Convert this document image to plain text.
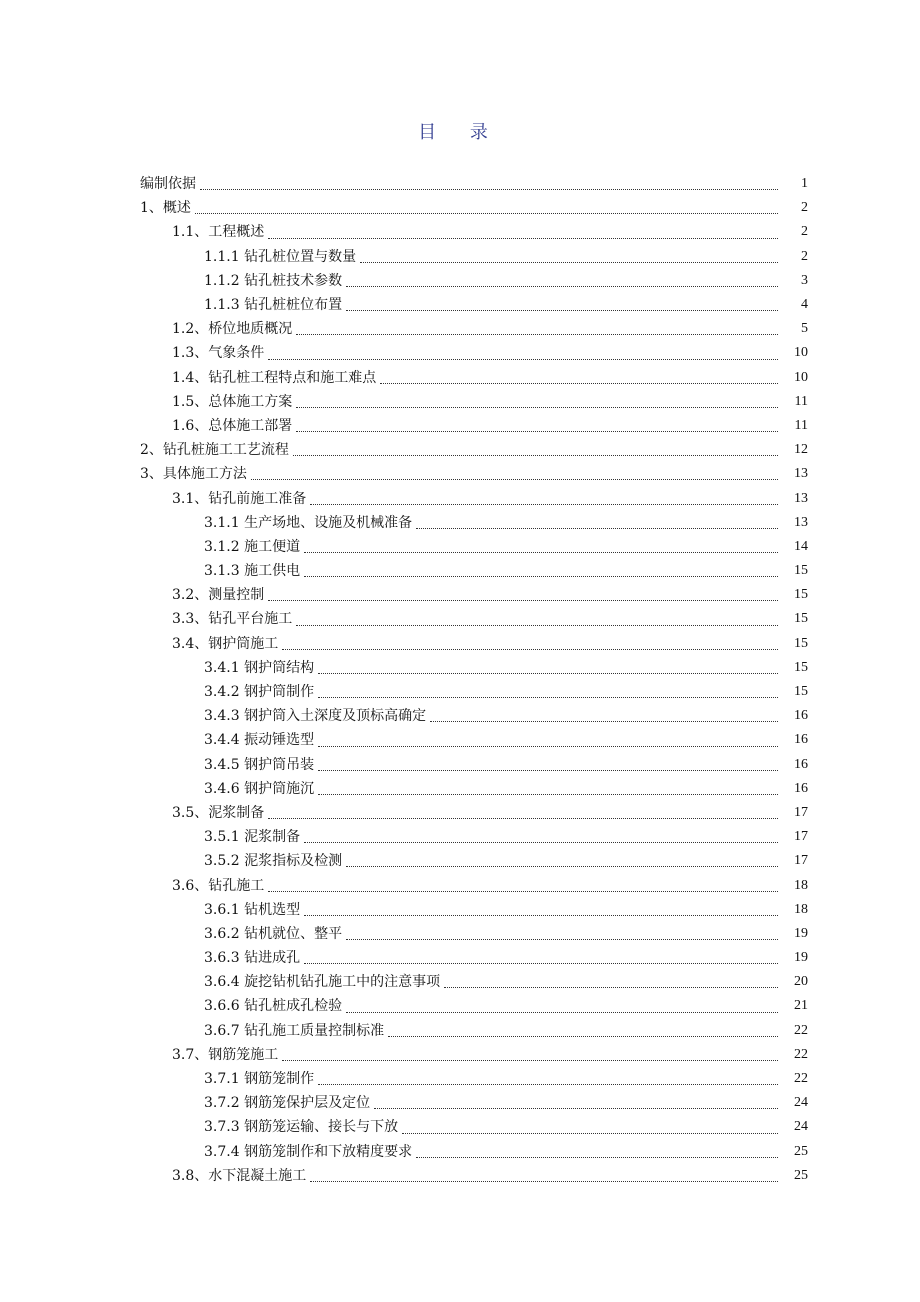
目 录
编制依据	1
1、概述	2
1.1、工程概述	2
1.1.1 钻孔桩位置与数量	2
1.1.2 钻孔桩技术参数	3
1.1.3 钻孔桩桩位布置	4
1.2、桥位地质概况	5
1.3、气象条件	10
1.4、钻孔桩工程特点和施工难点	10
1.5、总体施工方案	11
1.6、总体施工部署	11
2、钻孔桩施工工艺流程	12
3、具体施工方法	13
3.1、钻孔前施工准备	13
3.1.1 生产场地、设施及机械准备	13
3.1.2 施工便道	14
3.1.3 施工供电	15
3.2、测量控制	15
3.3、钻孔平台施工	15
3.4、钢护筒施工	15
3.4.1 钢护筒结构	15
3.4.2 钢护筒制作	15
3.4.3 钢护筒入土深度及顶标高确定	16
3.4.4 振动锤选型	16
3.4.5 钢护筒吊装	16
3.4.6 钢护筒施沉	16
3.5、泥浆制备	17
3.5.1 泥浆制备	17
3.5.2 泥浆指标及检测	17
3.6、钻孔施工	18
3.6.1 钻机选型	18
3.6.2 钻机就位、整平	19
3.6.3 钻进成孔	19
3.6.4 旋挖钻机钻孔施工中的注意事项	20
3.6.6 钻孔桩成孔检验	21
3.6.7 钻孔施工质量控制标准	22
3.7、钢筋笼施工	22
3.7.1 钢筋笼制作	22
3.7.2 钢筋笼保护层及定位	24
3.7.3 钢筋笼运输、接长与下放	24
3.7.4 钢筋笼制作和下放精度要求	25
3.8、水下混凝土施工	25
